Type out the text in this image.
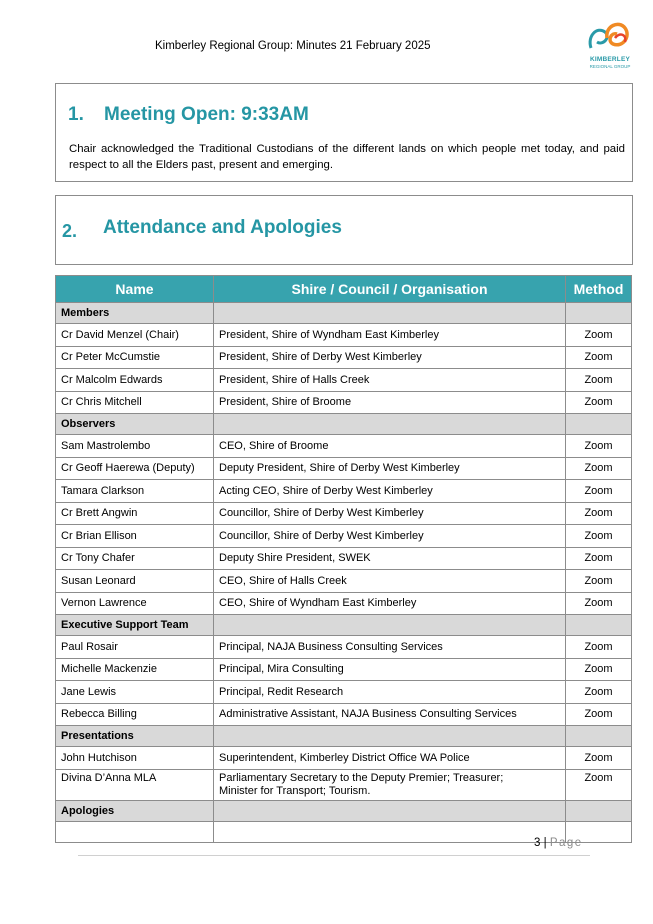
Kimberley Regional Group: Minutes 21 February 2025
KIMBERLEY
REGIONAL GROUP
1. Meeting Open: 9:33AM
Chair acknowledged the Traditional Custodians of the different lands on which people met today, and paid respect to all the Elders past, present and emerging.
2. Attendance and Apologies
Name	Shire / Council / Organisation	Method
Members		
Cr David Menzel (Chair)	President, Shire of Wyndham East Kimberley	Zoom
Cr Peter McCumstie	President, Shire of Derby West Kimberley	Zoom
Cr Malcolm Edwards	President, Shire of Halls Creek	Zoom
Cr Chris Mitchell	President, Shire of Broome	Zoom
Observers		
Sam Mastrolembo	CEO, Shire of Broome	Zoom
Cr Geoff Haerewa (Deputy)	Deputy President, Shire of Derby West Kimberley	Zoom
Tamara Clarkson	Acting CEO, Shire of Derby West Kimberley	Zoom
Cr Brett Angwin	Councillor, Shire of Derby West Kimberley	Zoom
Cr Brian Ellison	Councillor, Shire of Derby West Kimberley	Zoom
Cr Tony Chafer	Deputy Shire President, SWEK	Zoom
Susan Leonard	CEO, Shire of Halls Creek	Zoom
Vernon Lawrence	CEO, Shire of Wyndham East Kimberley	Zoom
Executive Support Team		
Paul Rosair	Principal, NAJA Business Consulting Services	Zoom
Michelle Mackenzie	Principal, Mira Consulting	Zoom
Jane Lewis	Principal, Redit Research	Zoom
Rebecca Billing	Administrative Assistant, NAJA Business Consulting Services	Zoom
Presentations		
John Hutchison	Superintendent, Kimberley District Office WA Police	Zoom
Divina D’Anna MLA	Parliamentary Secretary to the Deputy Premier; Treasurer;
Minister for Transport; Tourism.	Zoom
Apologies		

3 | Page
